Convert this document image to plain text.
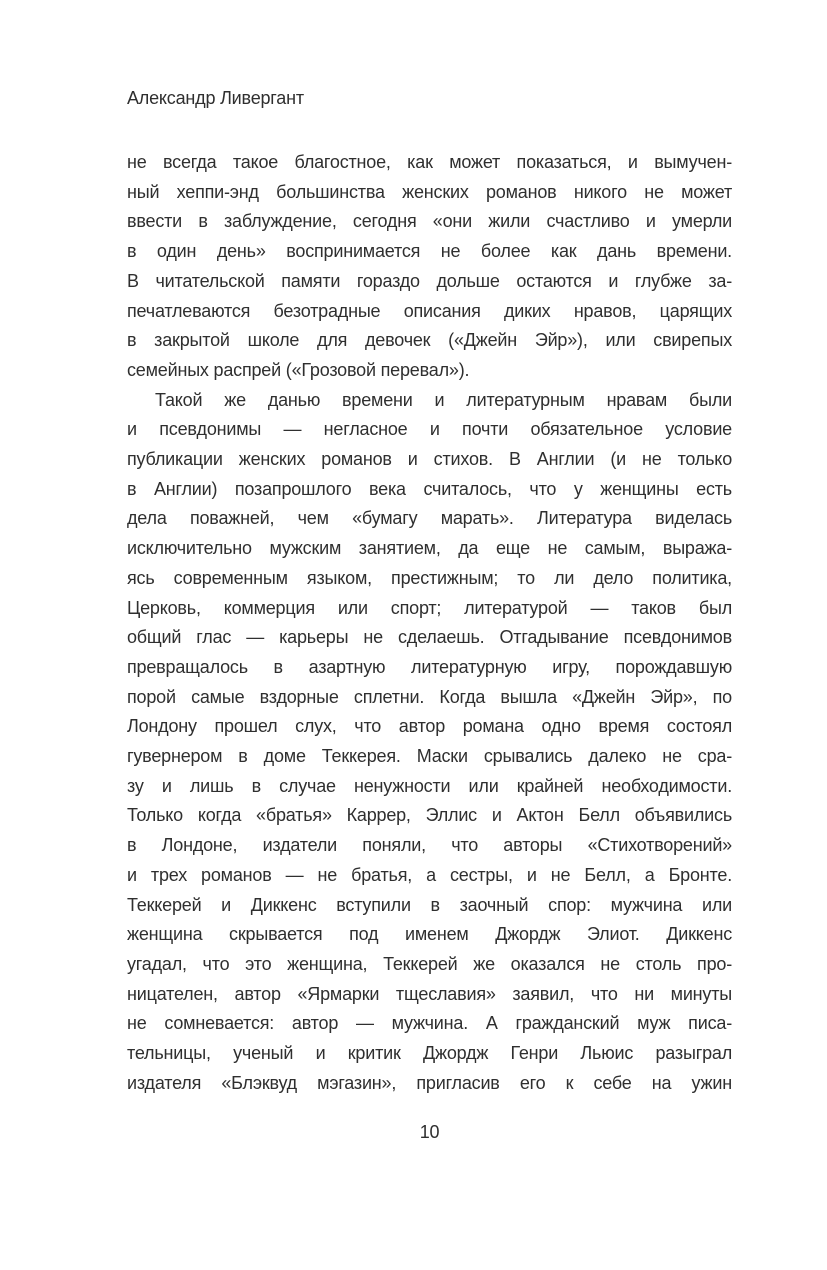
Александр Ливергант
не всегда такое благостное, как может показаться, и вымучен-
ный хеппи-энд большинства женских романов никого не может
ввести в заблуждение, сегодня «они жили счастливо и умерли
в один день» воспринимается не более как дань времени.
В читательской памяти гораздо дольше остаются и глубже за-
печатлеваются безотрадные описания диких нравов, царящих
в закрытой школе для девочек («Джейн Эйр»), или свирепых
семейных распрей («Грозовой перевал»).
Такой же данью времени и литературным нравам были
и псевдонимы — негласное и почти обязательное условие
публикации женских романов и стихов. В Англии (и не только
в Англии) позапрошлого века считалось, что у женщины есть
дела поважней, чем «бумагу марать». Литература виделась
исключительно мужским занятием, да еще не самым, выража-
ясь современным языком, престижным; то ли дело политика,
Церковь, коммерция или спорт; литературой — таков был
общий глас — карьеры не сделаешь. Отгадывание псевдонимов
превращалось в азартную литературную игру, порождавшую
порой самые вздорные сплетни. Когда вышла «Джейн Эйр», по
Лондону прошел слух, что автор романа одно время состоял
гувернером в доме Теккерея. Маски срывались далеко не сра-
зу и лишь в случае ненужности или крайней необходимости.
Только когда «братья» Каррер, Эллис и Актон Белл объявились
в Лондоне, издатели поняли, что авторы «Стихотворений»
и трех романов — не братья, а сестры, и не Белл, а Бронте.
Теккерей и Диккенс вступили в заочный спор: мужчина или
женщина скрывается под именем Джордж Элиот. Диккенс
угадал, что это женщина, Теккерей же оказался не столь про-
ницателен, автор «Ярмарки тщеславия» заявил, что ни минуты
не сомневается: автор — мужчина. А гражданский муж писа-
тельницы, ученый и критик Джордж Генри Льюис разыграл
издателя «Блэквуд мэгазин», пригласив его к себе на ужин
10
